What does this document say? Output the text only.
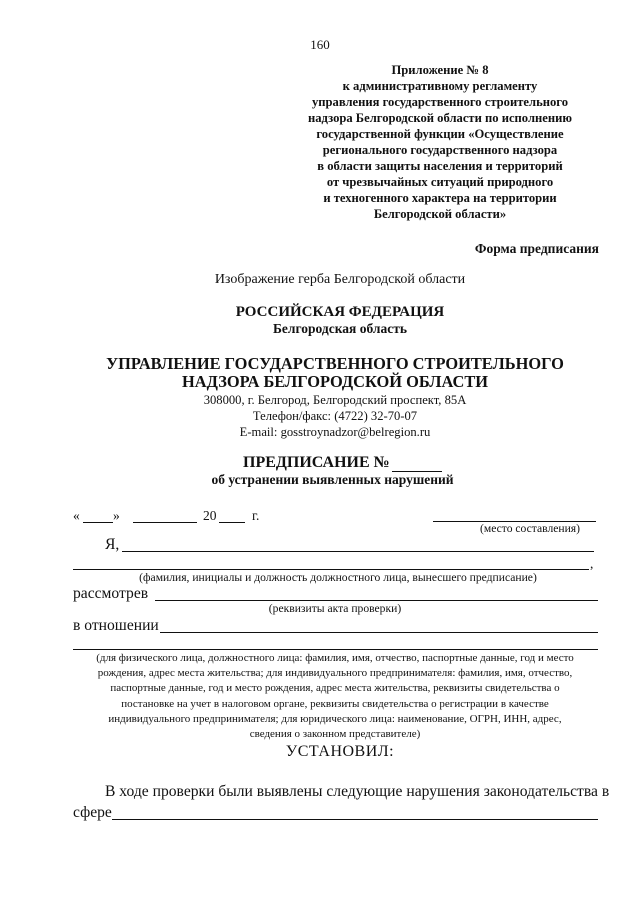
160
Приложение № 8
к административному регламенту
управления государственного строительного
надзора Белгородской области по исполнению
государственной функции «Осуществление
регионального государственного надзора
в области защиты населения и территорий
от чрезвычайных ситуаций природного
и техногенного характера на территории
Белгородской области»
Форма предписания
Изображение герба Белгородской области
РОССИЙСКАЯ ФЕДЕРАЦИЯ
Белгородская область
УПРАВЛЕНИЕ ГОСУДАРСТВЕННОГО СТРОИТЕЛЬНОГО
НАДЗОРА БЕЛГОРОДСКОЙ ОБЛАСТИ
308000, г. Белгород, Белгородский проспект, 85А
Телефон/факс: (4722) 32-70-07
E-mail: gosstroynadzor@belregion.ru
ПРЕДПИСАНИЕ №
об устранении выявленных нарушений
« »	20	г.
(место составления)
Я,
,
(фамилия, инициалы и должность должностного лица, вынесшего предписание)
рассмотрев
(реквизиты акта проверки)
в отношении
(для физического лица, должностного лица: фамилия, имя, отчество, паспортные данные, год и место
рождения, адрес места жительства; для индивидуального предпринимателя: фамилия, имя, отчество,
паспортные данные, год и место рождения, адрес места жительства, реквизиты свидетельства о
постановке на учет в налоговом органе, реквизиты свидетельства о регистрации в качестве
индивидуального предпринимателя; для юридического лица: наименование, ОГРН, ИНН, адрес,
сведения о законном представителе)
УСТАНОВИЛ:
В ходе проверки были выявлены следующие нарушения законодательства в
сфере
